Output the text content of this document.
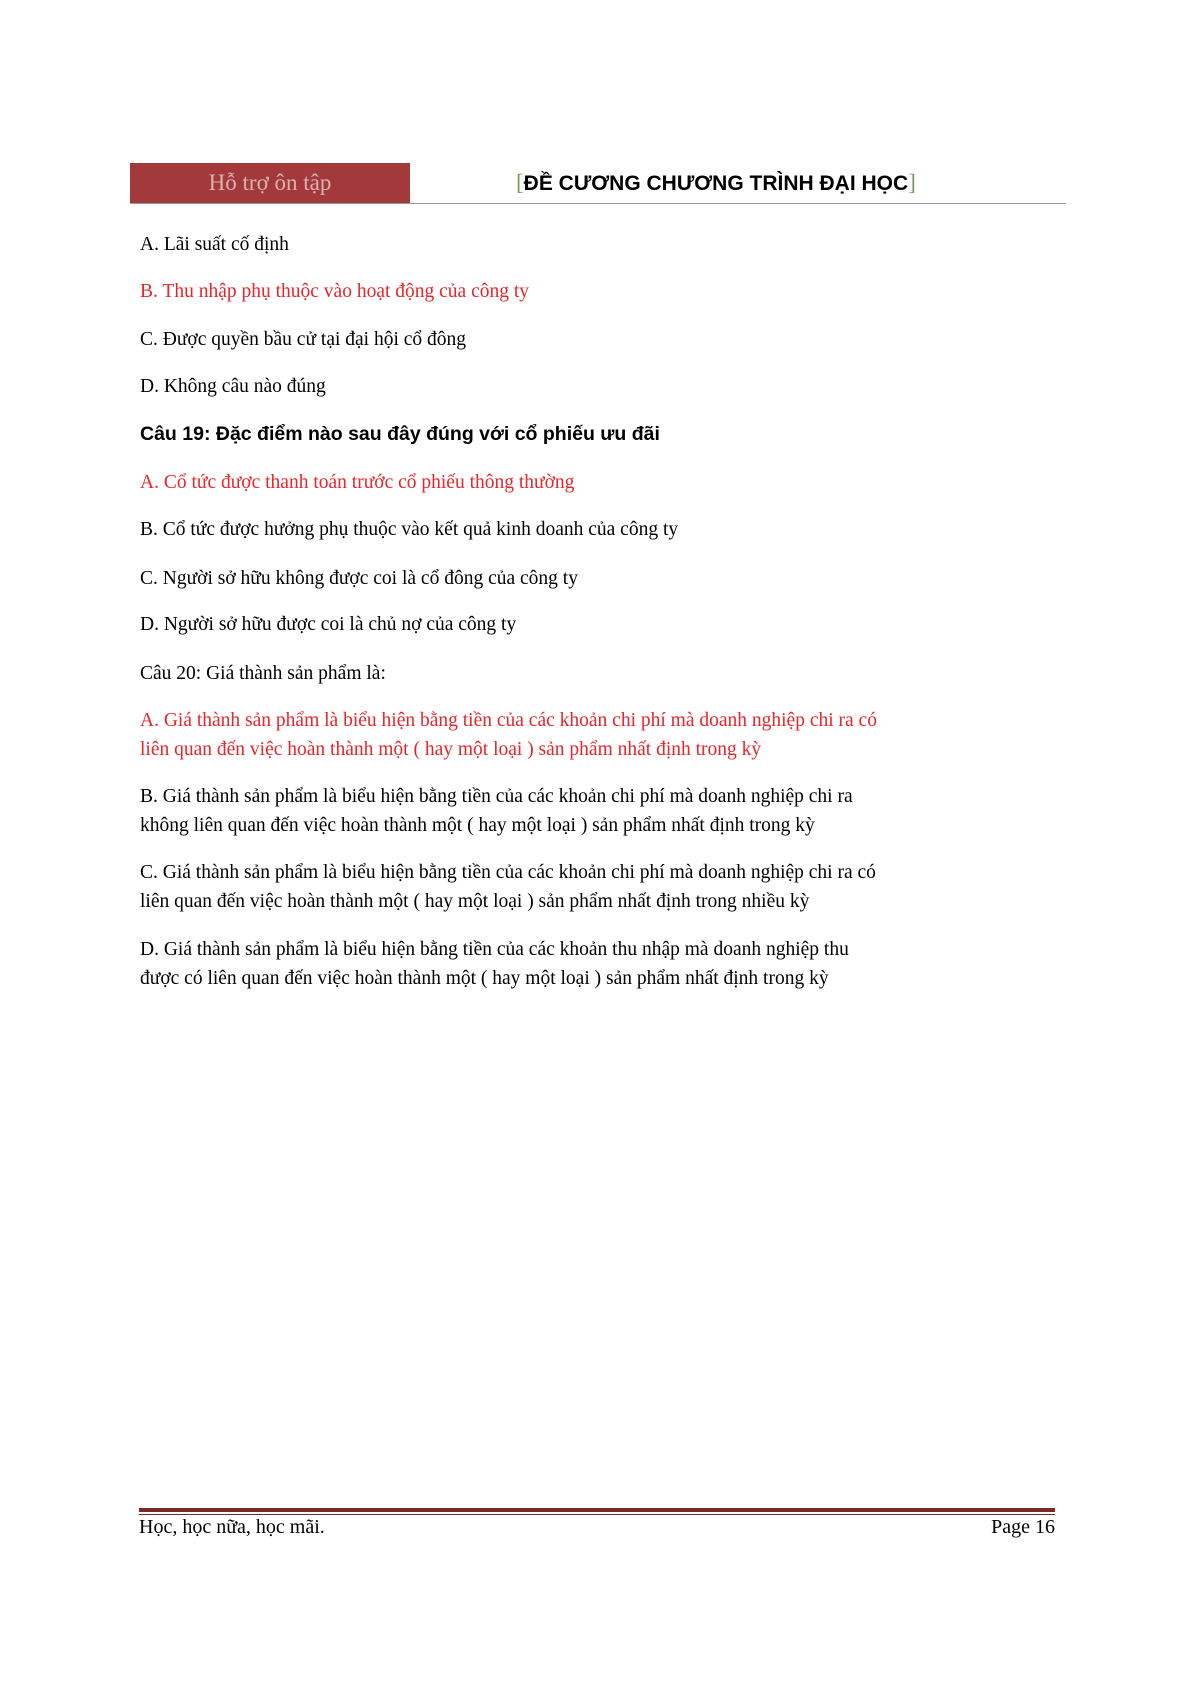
Hỗ trợ ôn tập	[ĐỀ CƯƠNG CHƯƠNG TRÌNH ĐẠI HỌC]
A. Lãi suất cố định
B. Thu nhập phụ thuộc vào hoạt động của công ty
C. Được quyền bầu cử tại đại hội cổ đông
D. Không câu nào đúng
Câu 19: Đặc điểm nào sau đây đúng với cổ phiếu ưu đãi
A. Cổ tức được thanh toán trước cổ phiếu thông thường
B. Cổ tức được hưởng phụ thuộc vào kết quả kinh doanh của công ty
C. Người sở hữu không được coi là cổ đông của công ty
D. Người sở hữu được coi là chủ nợ của công ty
Câu 20: Giá thành sản phẩm là:
A. Giá thành sản phẩm là biểu hiện bằng tiền của các khoản chi phí mà doanh nghiệp chi ra có
liên quan đến việc hoàn thành một ( hay một loại ) sản phẩm nhất định trong kỳ
B. Giá thành sản phẩm là biểu hiện bằng tiền của các khoản chi phí mà doanh nghiệp chi ra
không liên quan đến việc hoàn thành một ( hay một loại ) sản phẩm nhất định trong kỳ
C. Giá thành sản phẩm là biểu hiện bằng tiền của các khoản chi phí mà doanh nghiệp chi ra có
liên quan đến việc hoàn thành một ( hay một loại ) sản phẩm nhất định trong nhiều kỳ
D. Giá thành sản phẩm là biểu hiện bằng tiền của các khoản thu nhập mà doanh nghiệp thu
được có liên quan đến việc hoàn thành một ( hay một loại ) sản phẩm nhất định trong kỳ
Học, học nữa, học mãi.	Page 16
